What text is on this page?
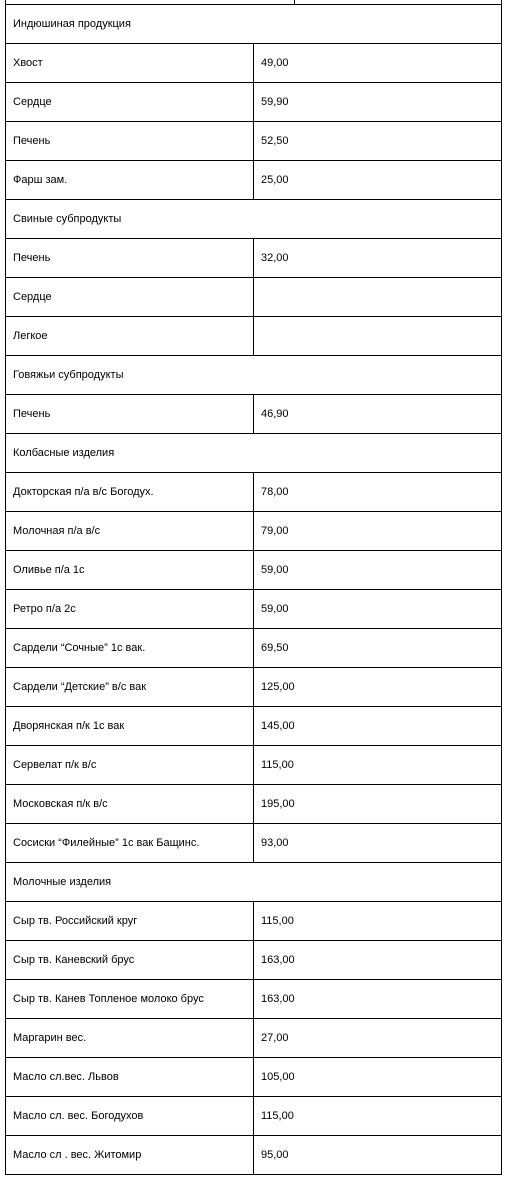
Индюшиная продукция	
Хвост	49,00
Сердце	59,90
Печень	52,50
Фарш зам.	25,00
Свиные субпродукты	
Печень	32,00
Сердце	
Легкое	
Говяжьи субпродукты	
Печень	46,90
Колбасные изделия	
Докторская п/а в/с Богодух.	78,00
Молочная п/а в/с	79,00
Оливье п/а 1с	59,00
Ретро п/а 2с	59,00
Сардели “Сочные” 1с вак.	69,50
Сардели “Детские” в/с вак	125,00
Дворянская п/к 1с вак	145,00
Сервелат п/к в/с	115,00
Московская п/к в/с	195,00
Сосиски “Филейные” 1с вак Бащинс.	93,00
Молочные изделия	
Сыр тв. Российский круг	115,00
Сыр тв. Каневский брус	163,00
Сыр тв. Канев Топленое молоко брус	163,00
Маргарин вес.	27,00
Масло сл.вес. Львов	105,00
Масло сл. вес. Богодухов	115,00
Масло сл . вес. Житомир	95,00
